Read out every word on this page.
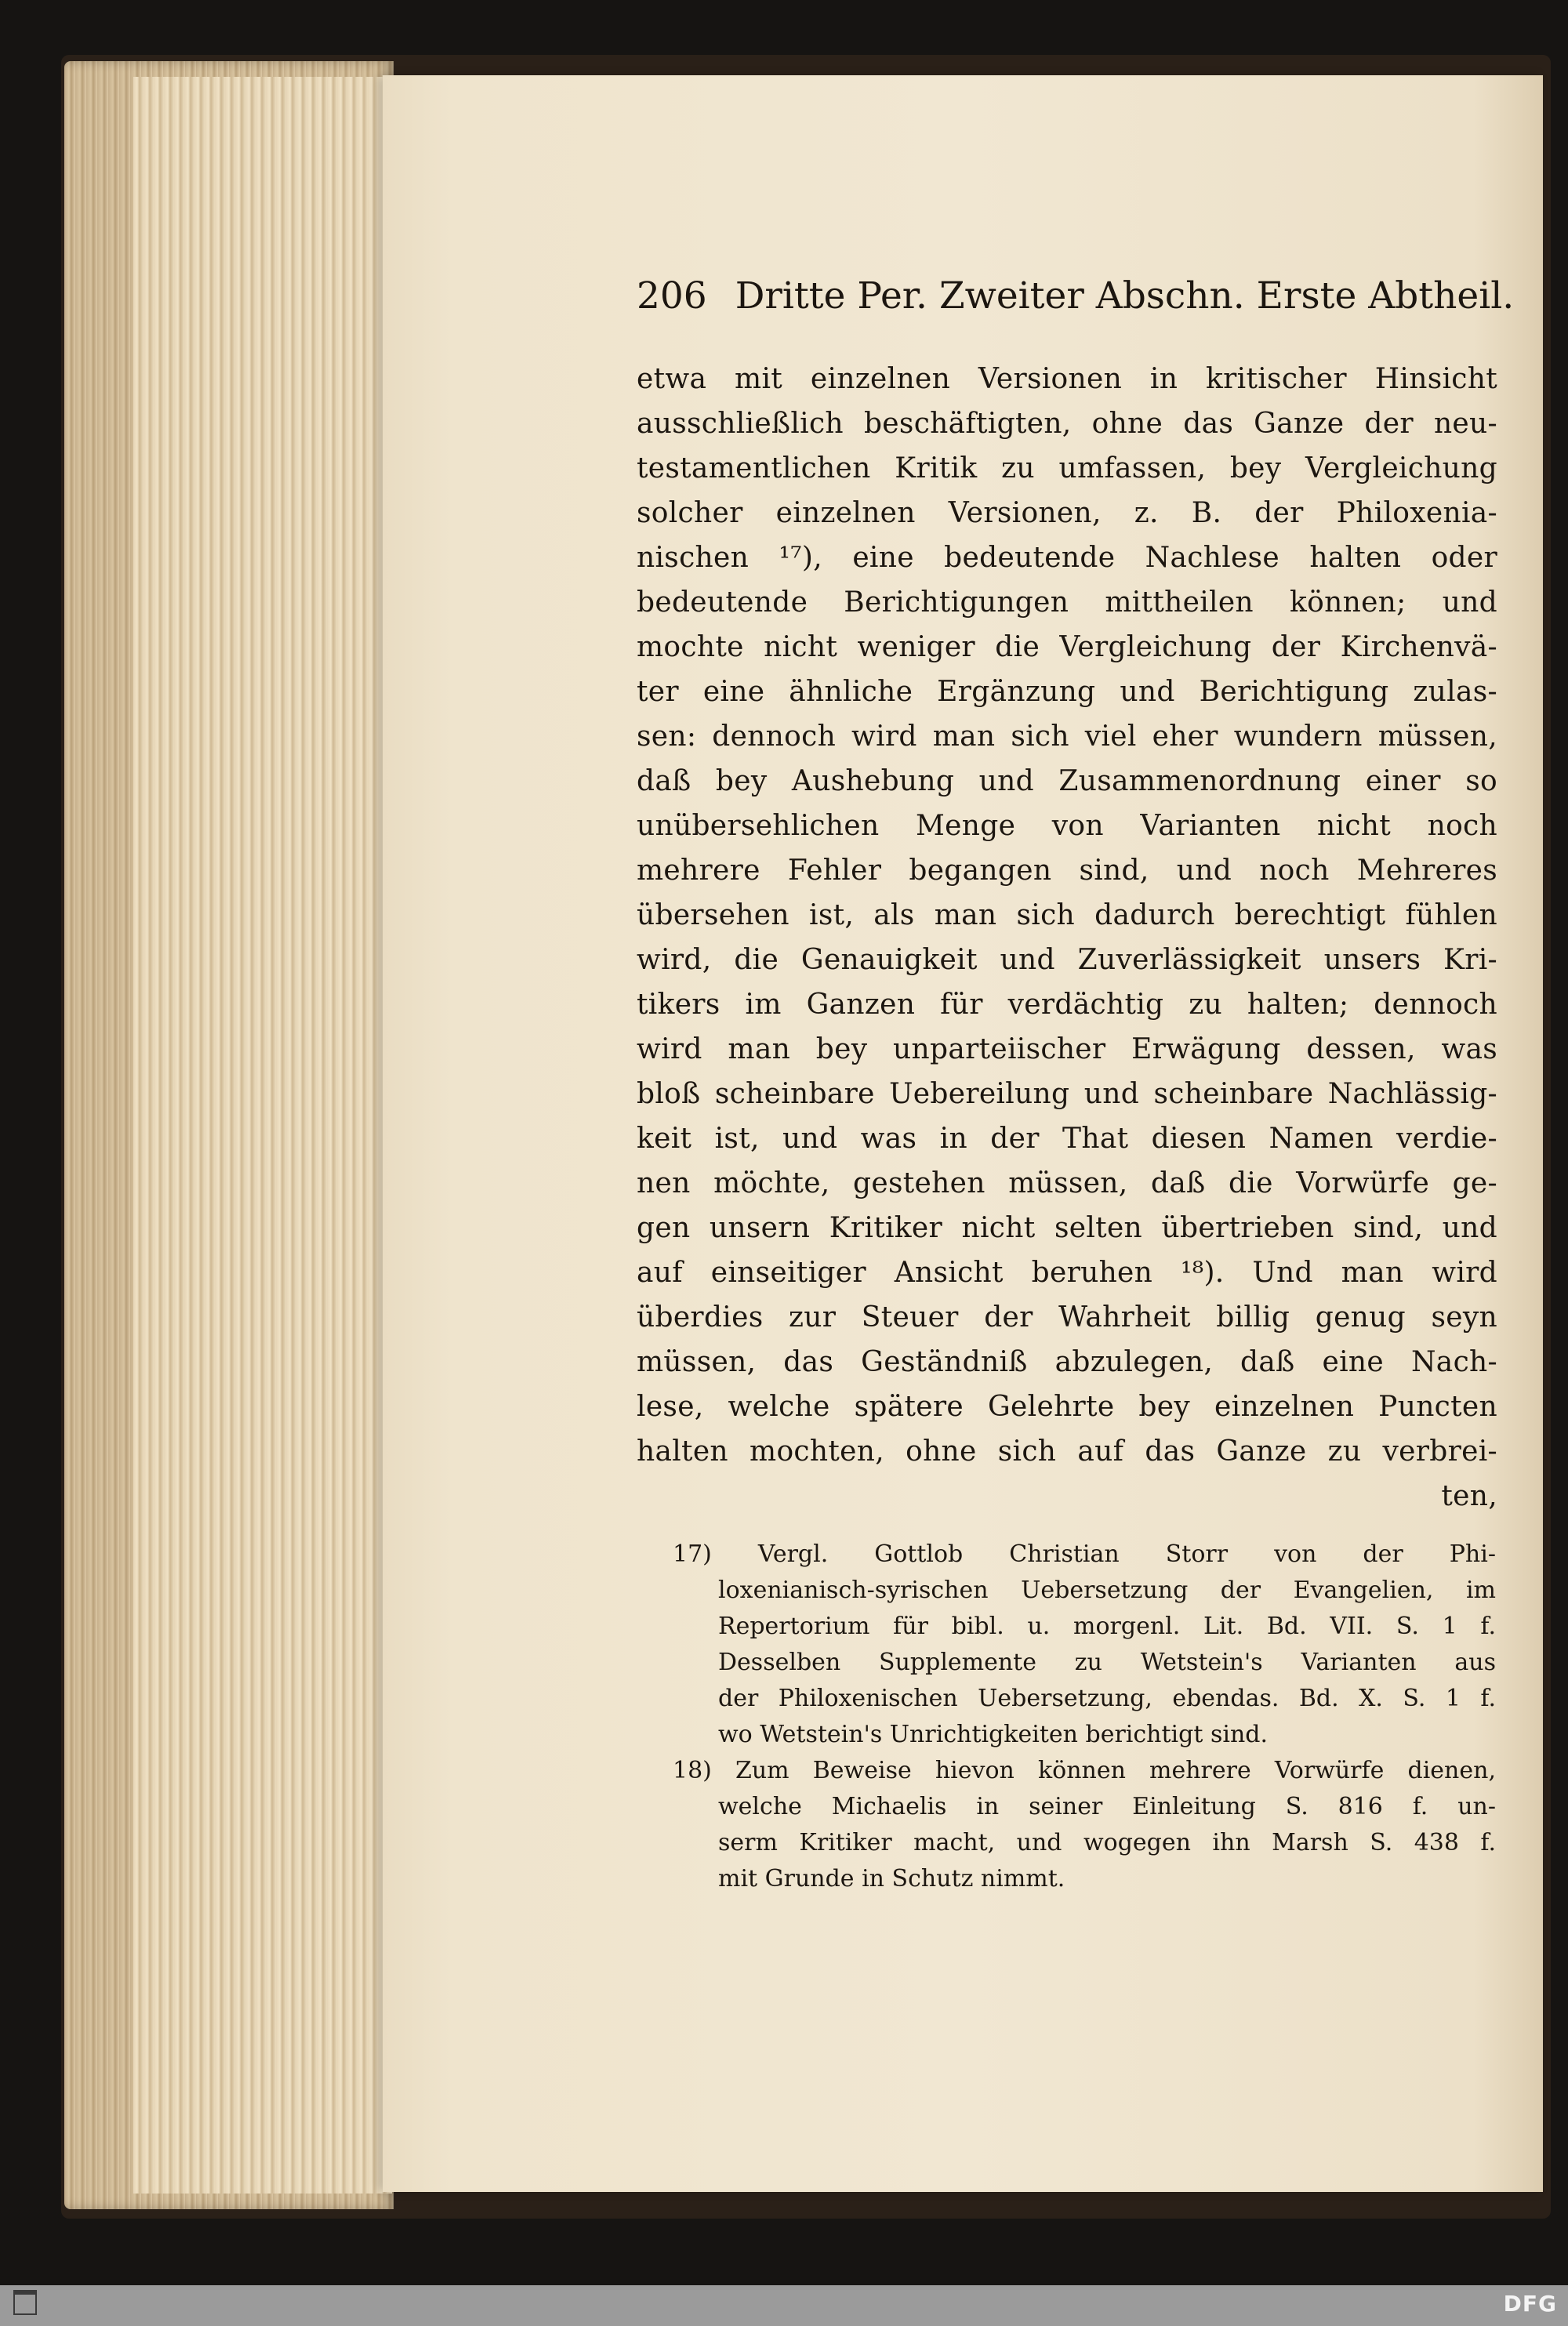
206 Dritte Per. Zweiter Abschn. Erste Abtheil.
etwa mit einzelnen Versionen in kritischer Hinsicht
ausschließlich beschäftigten, ohne das Ganze der neu-
testamentlichen Kritik zu umfassen, bey Vergleichung
solcher einzelnen Versionen, z. B. der Philoxenia-
nischen ¹⁷), eine bedeutende Nachlese halten oder
bedeutende Berichtigungen mittheilen können; und
mochte nicht weniger die Vergleichung der Kirchenvä-
ter eine ähnliche Ergänzung und Berichtigung zulas-
sen: dennoch wird man sich viel eher wundern müssen,
daß bey Aushebung und Zusammenordnung einer so
unübersehlichen Menge von Varianten nicht noch
mehrere Fehler begangen sind, und noch Mehreres
übersehen ist, als man sich dadurch berechtigt fühlen
wird, die Genauigkeit und Zuverlässigkeit unsers Kri-
tikers im Ganzen für verdächtig zu halten; dennoch
wird man bey unparteiischer Erwägung dessen, was
bloß scheinbare Uebereilung und scheinbare Nachlässig-
keit ist, und was in der That diesen Namen verdie-
nen möchte, gestehen müssen, daß die Vorwürfe ge-
gen unsern Kritiker nicht selten übertrieben sind, und
auf einseitiger Ansicht beruhen ¹⁸). Und man wird
überdies zur Steuer der Wahrheit billig genug seyn
müssen, das Geständniß abzulegen, daß eine Nach-
lese, welche spätere Gelehrte bey einzelnen Puncten
halten mochten, ohne sich auf das Ganze zu verbrei-
ten,
17) Vergl. Gottlob Christian Storr von der Phi-
loxenianisch-syrischen Uebersetzung der Evangelien, im
Repertorium für bibl. u. morgenl. Lit. Bd. VII. S. 1 f.
Desselben Supplemente zu Wetstein's Varianten aus
der Philoxenischen Uebersetzung, ebendas. Bd. X. S. 1 f.
wo Wetstein's Unrichtigkeiten berichtigt sind.
18) Zum Beweise hievon können mehrere Vorwürfe dienen,
welche Michaelis in seiner Einleitung S. 816 f. un-
serm Kritiker macht, und wogegen ihn Marsh S. 438 f.
mit Grunde in Schutz nimmt.
DFG
